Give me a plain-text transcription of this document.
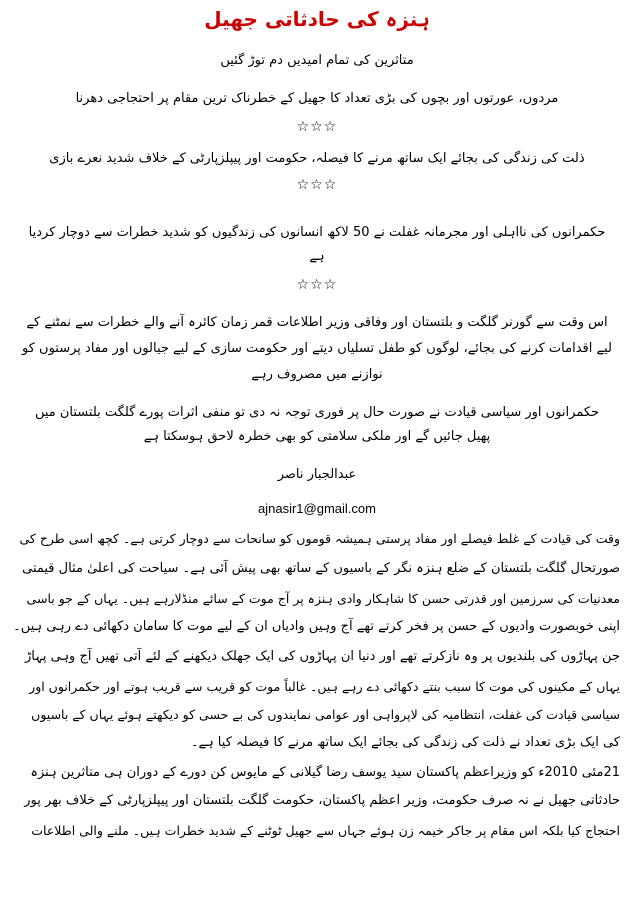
ہنزہ کی حادثاتی جھیل
متاثرین کی تمام امیدیں دم توڑ گئیں
مردوں، عورتوں اور بچوں کی بڑی تعداد کا جھیل کے خطرناک ترین مقام پر احتجاجی دھرنا
☆☆☆
ذلت کی زندگی کی بجائے ایک ساتھ مرنے کا فیصلہ، حکومت اور پیپلزپارٹی کے خلاف شدید نعرے بازی
☆☆☆
حکمرانوں کی نااہلی اور مجرمانہ غفلت نے 50 لاکھ انسانوں کی زندگیوں کو شدید خطرات سے دوچار کردیا
ہے
☆☆☆
اس وقت سے گورنر گلگت و بلتستان اور وفاقی وزیر اطلاعات قمر زمان کائرہ آنے والے خطرات سے نمٹنے کے
لیے اقدامات کرنے کی بجائے، لوگوں کو طفل تسلیاں دیتے اور حکومت سازی کے لیے جیالوں اور مفاد پرستوں کو
نوازنے میں مصروف رہے
حکمرانوں اور سیاسی قیادت نے صورت حال پر فوری توجہ نہ دی تو منفی اثرات پورے گلگت بلتستان میں
پھیل جائیں گے اور ملکی سلامتی کو بھی خطرہ لاحق ہوسکتا ہے
عبدالجبار ناصر
ajnasir1@gmail.com
وقت کی قیادت کے غلط فیصلے اور مفاد پرستی ہمیشہ قوموں کو سانحات سے دوچار کرتی ہے۔ کچھ اسی طرح کی
صورتحال گلگت بلتستان کے ضلع ہنزہ نگر کے باسیوں کے ساتھ بھی پیش آئی ہے۔ سیاحت کی اعلیٰ مثال قیمتی
معدنیات کی سرزمین اور قدرتی حسن کا شاہکار وادی ہنزہ پر آج موت کے سائے منڈلارہے ہیں۔ یہاں کے جو باسی
اپنی خوبصورت وادیوں کے حسن پر فخر کرتے تھے آج وہیں وادیاں ان کے لیے موت کا سامان دکھائی دے رہی ہیں۔
جن پہاڑوں کی بلندیوں پر وہ نازکرتے تھے اور دنیا ان پہاڑوں کی ایک جھلک دیکھنے کے لئے آتی تھیں آج وہی پہاڑ
یہاں کے مکینوں کی موت کا سبب بنتے دکھائی دے رہے ہیں۔ غالباً موت کو قریب سے قریب ہوتے اور حکمرانوں اور
سیاسی قیادت کی غفلت، انتظامیہ کی لاپرواہی اور عوامی نمایندوں کی بے حسی کو دیکھتے ہوئے یہاں کے باسیوں
کی ایک بڑی تعداد نے ذلت کی زندگی کی بجائے ایک ساتھ مرنے کا فیصلہ کیا ہے۔
21مئی 2010ء کو وزیراعظم پاکستان سید یوسف رضا گیلانی کے مایوس کن دورے کے دوران ہی متاثرین ہنزہ
حادثاتی جھیل نے نہ صرف حکومت، وزیر اعظم پاکستان، حکومت گلگت بلتستان اور پیپلزپارٹی کے خلاف بھر پور
احتجاج کیا بلکہ اس مقام پر جاکر خیمہ زن ہوئے جہاں سے جھیل ٹوٹنے کے شدید خطرات ہیں۔ ملنے والی اطلاعات
